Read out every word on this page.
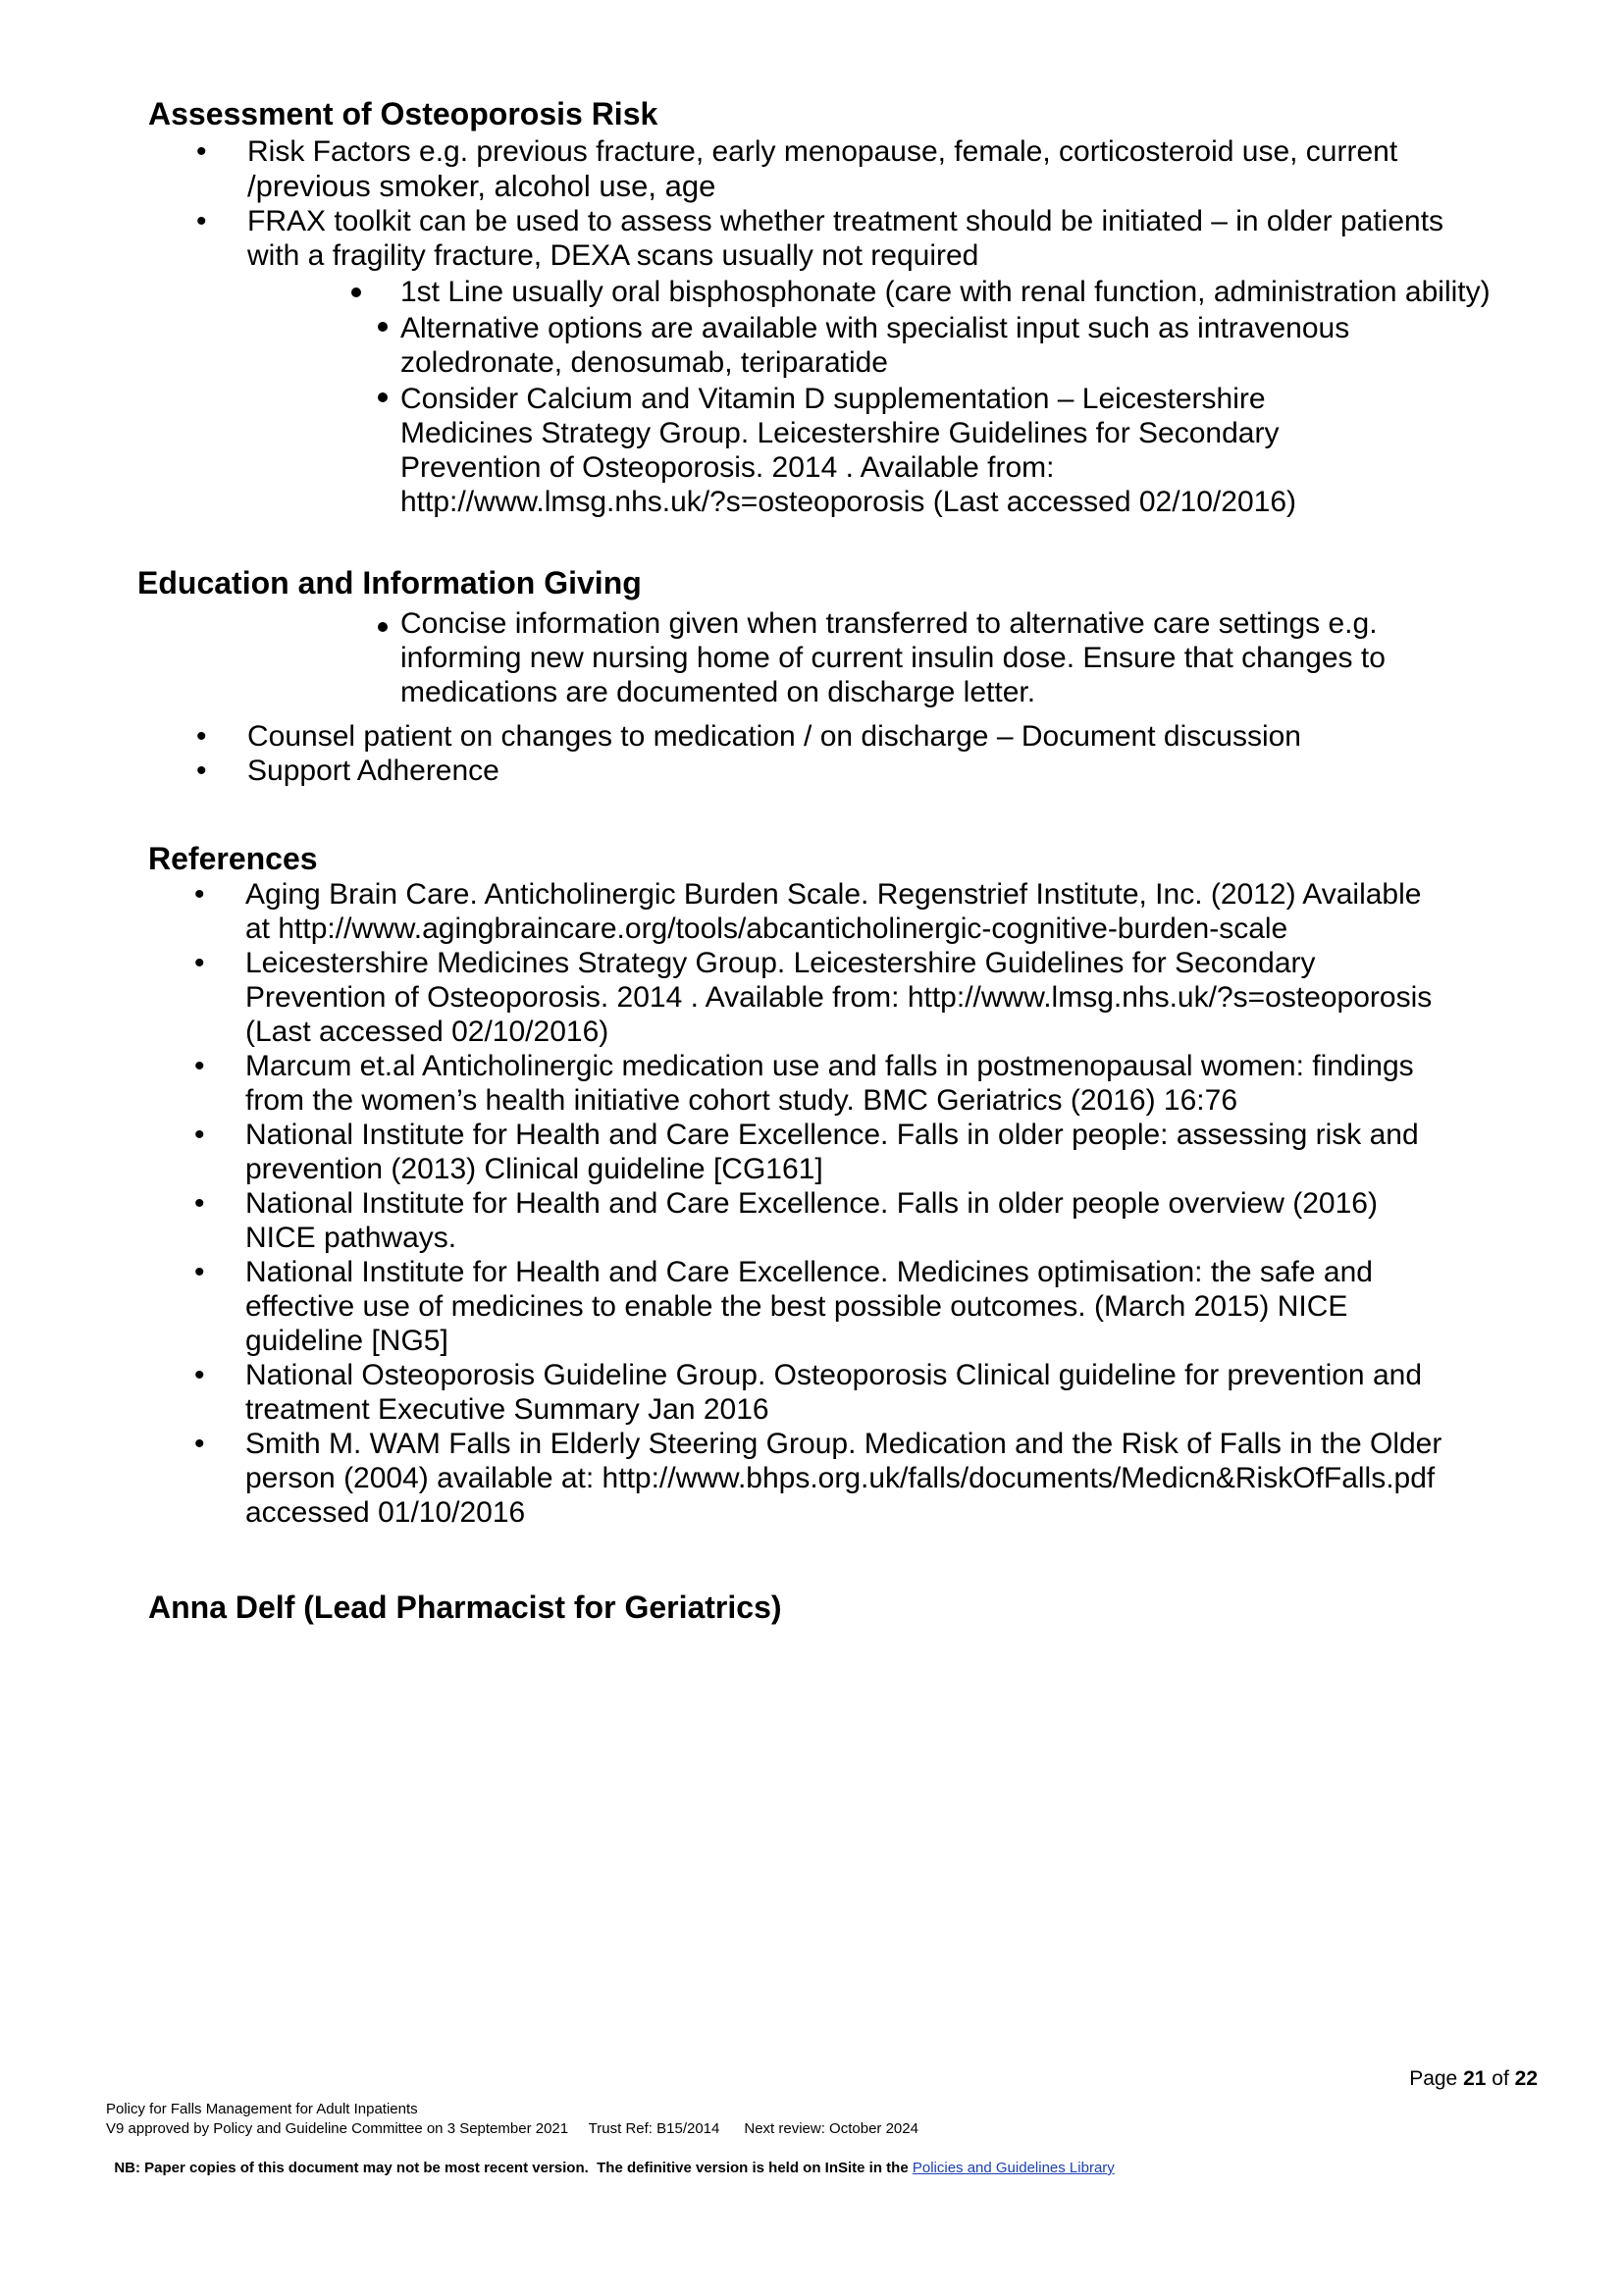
Assessment of Osteoporosis Risk
• Risk Factors e.g. previous fracture, early menopause, female, corticosteroid use, current
/previous smoker, alcohol use, age
• FRAX toolkit can be used to assess whether treatment should be initiated – in older patients
with a fragility fracture, DEXA scans usually not required
1st Line usually oral bisphosphonate (care with renal function, administration ability)
Alternative options are available with specialist input such as intravenous
zoledronate, denosumab, teriparatide
Consider Calcium and Vitamin D supplementation – Leicestershire
Medicines Strategy Group. Leicestershire Guidelines for Secondary
Prevention of Osteoporosis. 2014 . Available from:
http://www.lmsg.nhs.uk/?s=osteoporosis (Last accessed 02/10/2016)
Education and Information Giving
Concise information given when transferred to alternative care settings e.g.
informing new nursing home of current insulin dose. Ensure that changes to
medications are documented on discharge letter.
• Counsel patient on changes to medication / on discharge – Document discussion
• Support Adherence
References
• Aging Brain Care. Anticholinergic Burden Scale. Regenstrief Institute, Inc. (2012) Available
at http://www.agingbraincare.org/tools/abcanticholinergic-cognitive-burden-scale
• Leicestershire Medicines Strategy Group. Leicestershire Guidelines for Secondary
Prevention of Osteoporosis. 2014 . Available from: http://www.lmsg.nhs.uk/?s=osteoporosis
(Last accessed 02/10/2016)
• Marcum et.al Anticholinergic medication use and falls in postmenopausal women: findings
from the women’s health initiative cohort study. BMC Geriatrics (2016) 16:76
• National Institute for Health and Care Excellence. Falls in older people: assessing risk and
prevention (2013) Clinical guideline [CG161]
• National Institute for Health and Care Excellence. Falls in older people overview (2016)
NICE pathways.
• National Institute for Health and Care Excellence. Medicines optimisation: the safe and
effective use of medicines to enable the best possible outcomes. (March 2015) NICE
guideline [NG5]
• National Osteoporosis Guideline Group. Osteoporosis Clinical guideline for prevention and
treatment Executive Summary Jan 2016
• Smith M. WAM Falls in Elderly Steering Group. Medication and the Risk of Falls in the Older
person (2004) available at: http://www.bhps.org.uk/falls/documents/Medicn&RiskOfFalls.pdf
accessed 01/10/2016
Anna Delf (Lead Pharmacist for Geriatrics)
Page 21 of 22
Policy for Falls Management for Adult Inpatients
V9 approved by Policy and Guideline Committee on 3 September 2021     Trust Ref: B15/2014      Next review: October 2024

NB: Paper copies of this document may not be most recent version.  The definitive version is held on InSite in the Policies and Guidelines Library
